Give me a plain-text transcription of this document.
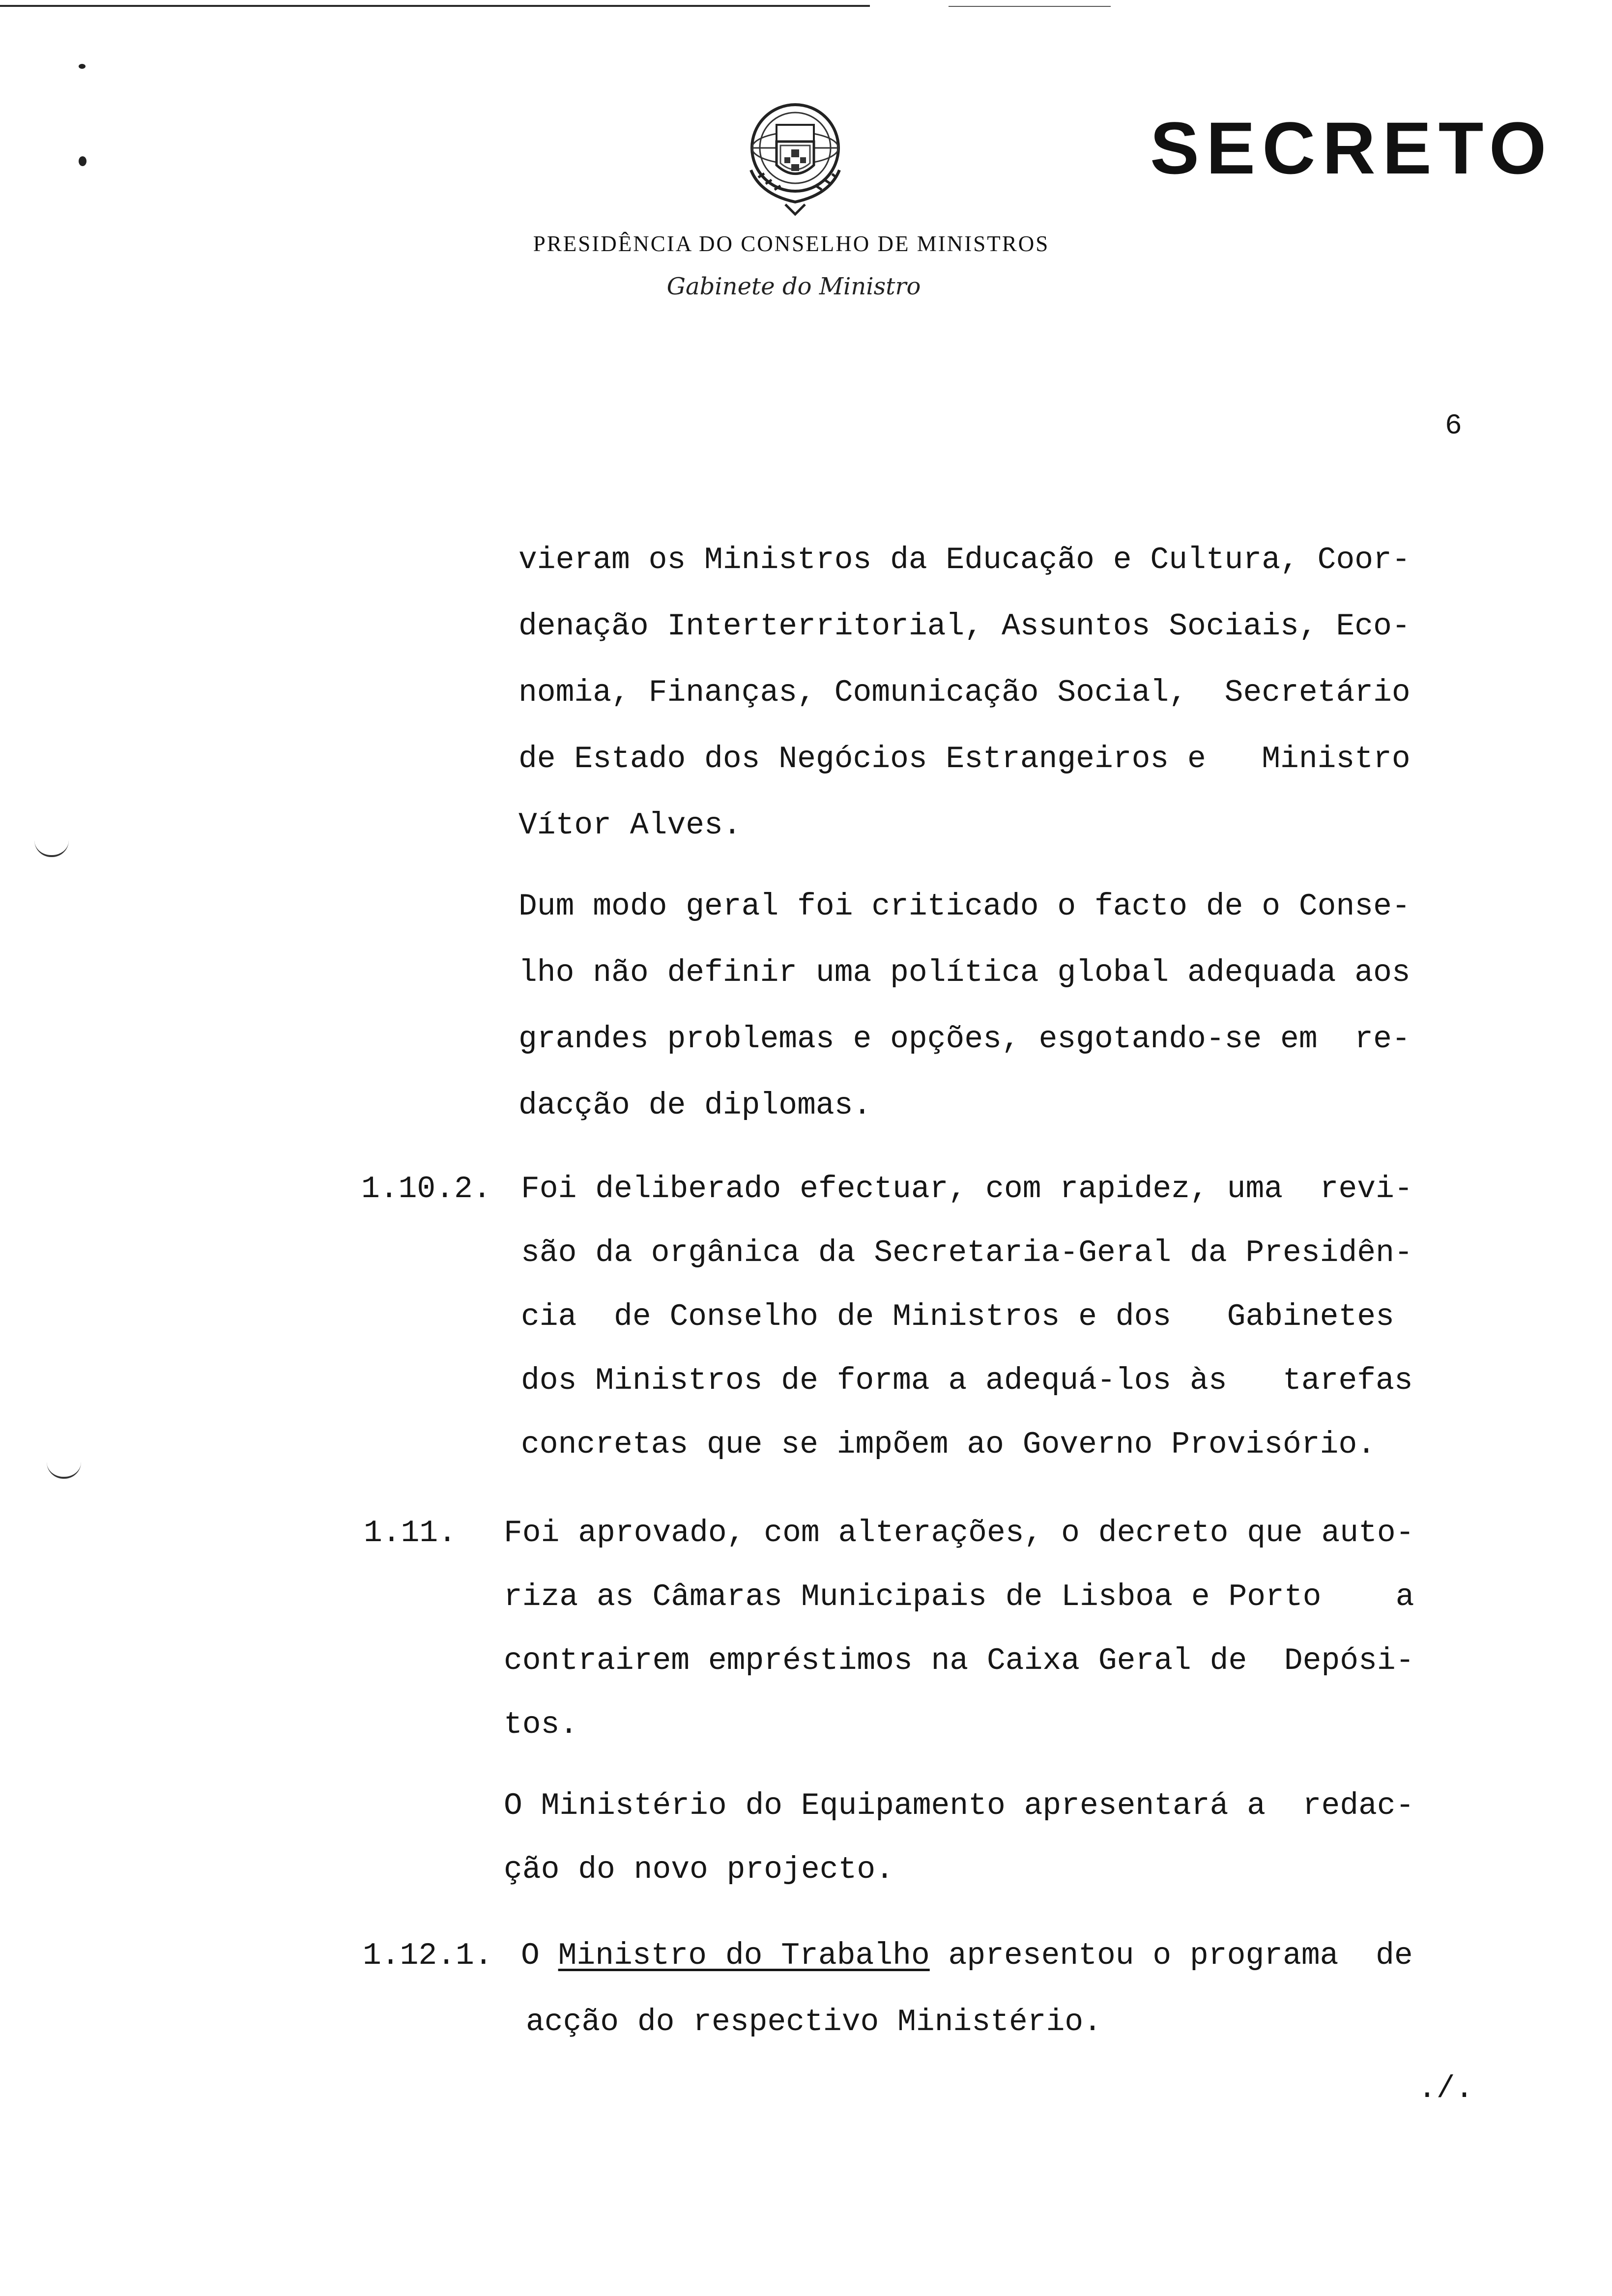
SECRETO
PRESIDÊNCIA DO CONSELHO DE MINISTROS
Gabinete do Ministro
6
vieram os Ministros da Educação e Cultura, Coor-
denação Interterritorial, Assuntos Sociais, Eco-
nomia, Finanças, Comunicação Social,  Secretário
de Estado dos Negócios Estrangeiros e   Ministro
Vítor Alves.
Dum modo geral foi criticado o facto de o Conse-
lho não definir uma política global adequada aos
grandes problemas e opções, esgotando-se em  re-
dacção de diplomas.
1.10.2. Foi deliberado efectuar, com rapidez, uma  revi-
são da orgânica da Secretaria-Geral da Presidên-
cia  de Conselho de Ministros e dos   Gabinetes
dos Ministros de forma a adequá-los às   tarefas
concretas que se impõem ao Governo Provisório.
1.11. Foi aprovado, com alterações, o decreto que auto-
riza as Câmaras Municipais de Lisboa e Porto    a
contrairem empréstimos na Caixa Geral de  Depósi-
tos.
O Ministério do Equipamento apresentará a  redac-
ção do novo projecto.
1.12.1. O Ministro do Trabalho apresentou o programa  de
acção do respectivo Ministério.
./.
